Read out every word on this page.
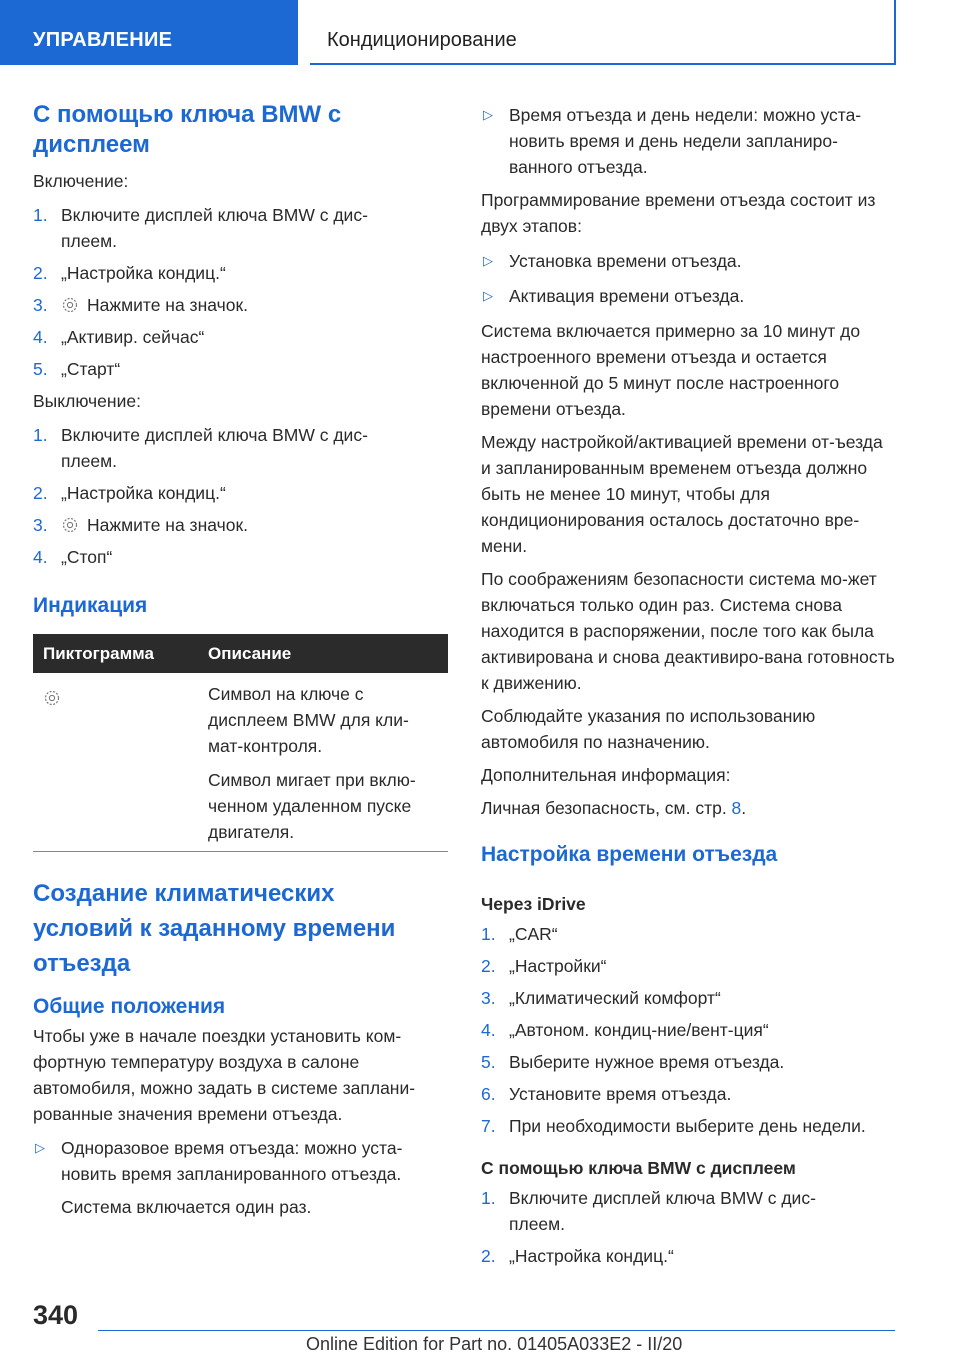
УПРАВЛЕНИЕ	Кондиционирование
С помощью ключа BMW с дисплеем

Включение:

1. Включите дисплей ключа BMW с дис-плеем.
2. „Настройка кондиц.“
3. Нажмите на значок.
4. „Активир. сейчас“
5. „Старт“

Выключение:

1. Включите дисплей ключа BMW с дис-плеем.
2. „Настройка кондиц.“
3. Нажмите на значок.
4. „Стоп“
Индикация
Пиктограмма	Описание

Символ на ключе с дисплеем BMW для кли-мат-контроля.

Символ мигает при вклю-ченном удаленном пуске двигателя.

Создание климатических условий к заданному времени отъезда
Общие положения

Чтобы уже в начале поездки установить ком-фортную температуру воздуха в салоне автомобиля, можно задать в системе заплани-рованные значения времени отъезда.

▷ Одноразовое время отъезда: можно уста-новить время запланированного отъезда.
Система включается один раз.
▷ Время отъезда и день недели: можно уста-новить время и день недели запланиро-ванного отъезда.

Программирование времени отъезда состоит из двух этапов:

▷ Установка времени отъезда.
▷ Активация времени отъезда.

Система включается примерно за 10 минут до настроенного времени отъезда и остается включенной до 5 минут после настроенного времени отъезда.

Между настройкой/активацией времени от-ъезда и запланированным временем отъезда должно быть не менее 10 минут, чтобы для кондиционирования осталось достаточно вре-мени.

По соображениям безопасности система мо-жет включаться только один раз. Система снова находится в распоряжении, после того как была активирована и снова деактивиро-вана готовность к движению.

Соблюдайте указания по использованию автомобиля по назначению.

Дополнительная информация:

Личная безопасность, см. стр. 8.

Настройка времени отъезда
Через iDrive
1. „CAR“
2. „Настройки“
3. „Климатический комфорт“
4. „Автоном. кондиц-ние/вент-ция“
5. Выберите нужное время отъезда.
6. Установите время отъезда.
7. При необходимости выберите день недели.
С помощью ключа BMW с дисплеем
1. Включите дисплей ключа BMW с дис-плеем.
2. „Настройка кондиц.“
340
Online Edition for Part no. 01405A033E2 - II/20
